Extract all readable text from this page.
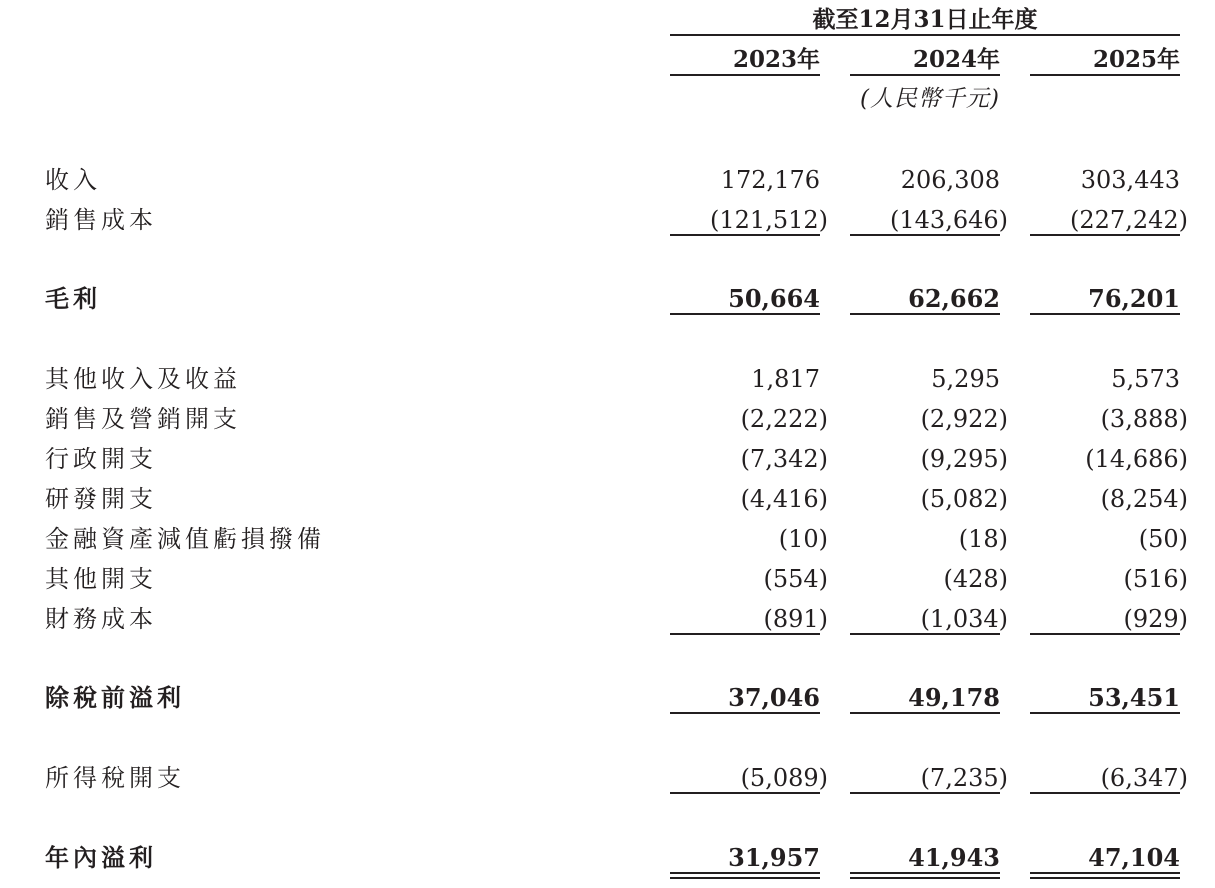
截至12月31日止年度
2023年	2024年	2025年
(人民幣千元)
收入	172,176	206,308	303,443
銷售成本	(121,512)	(143,646)	(227,242)
毛利	50,664	62,662	76,201
其他收入及收益	1,817	5,295	5,573
銷售及營銷開支	(2,222)	(2,922)	(3,888)
行政開支	(7,342)	(9,295)	(14,686)
研發開支	(4,416)	(5,082)	(8,254)
金融資產減值虧損撥備	(10)	(18)	(50)
其他開支	(554)	(428)	(516)
財務成本	(891)	(1,034)	(929)
除稅前溢利	37,046	49,178	53,451
所得稅開支	(5,089)	(7,235)	(6,347)
年內溢利	31,957	41,943	47,104
